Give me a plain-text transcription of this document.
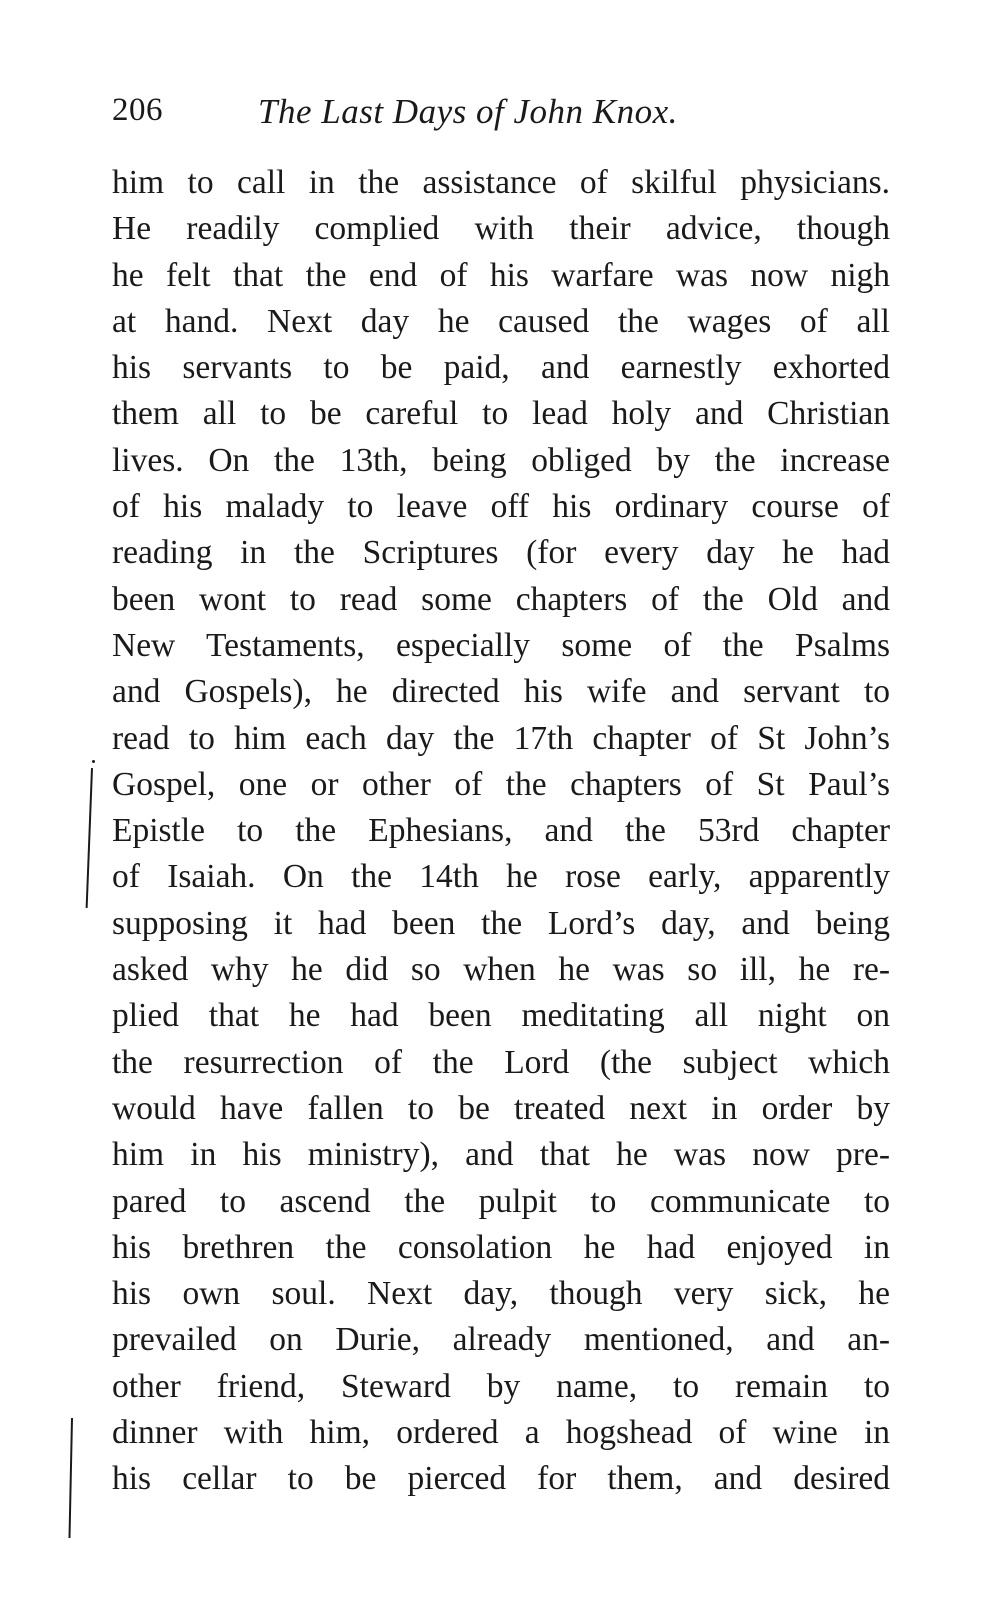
206	The Last Days of John Knox.
him to call in the assistance of skilful physicians.
He readily complied with their advice, though
he felt that the end of his warfare was now nigh
at hand. Next day he caused the wages of all
his servants to be paid, and earnestly exhorted
them all to be careful to lead holy and Christian
lives. On the 13th, being obliged by the increase
of his malady to leave off his ordinary course of
reading in the Scriptures (for every day he had
been wont to read some chapters of the Old and
New Testaments, especially some of the Psalms
and Gospels), he directed his wife and servant to
read to him each day the 17th chapter of St John’s
Gospel, one or other of the chapters of St Paul’s
Epistle to the Ephesians, and the 53rd chapter
of Isaiah. On the 14th he rose early, apparently
supposing it had been the Lord’s day, and being
asked why he did so when he was so ill, he re-
plied that he had been meditating all night on
the resurrection of the Lord (the subject which
would have fallen to be treated next in order by
him in his ministry), and that he was now pre-
pared to ascend the pulpit to communicate to
his brethren the consolation he had enjoyed in
his own soul. Next day, though very sick, he
prevailed on Durie, already mentioned, and an-
other friend, Steward by name, to remain to
dinner with him, ordered a hogshead of wine in
his cellar to be pierced for them, and desired
